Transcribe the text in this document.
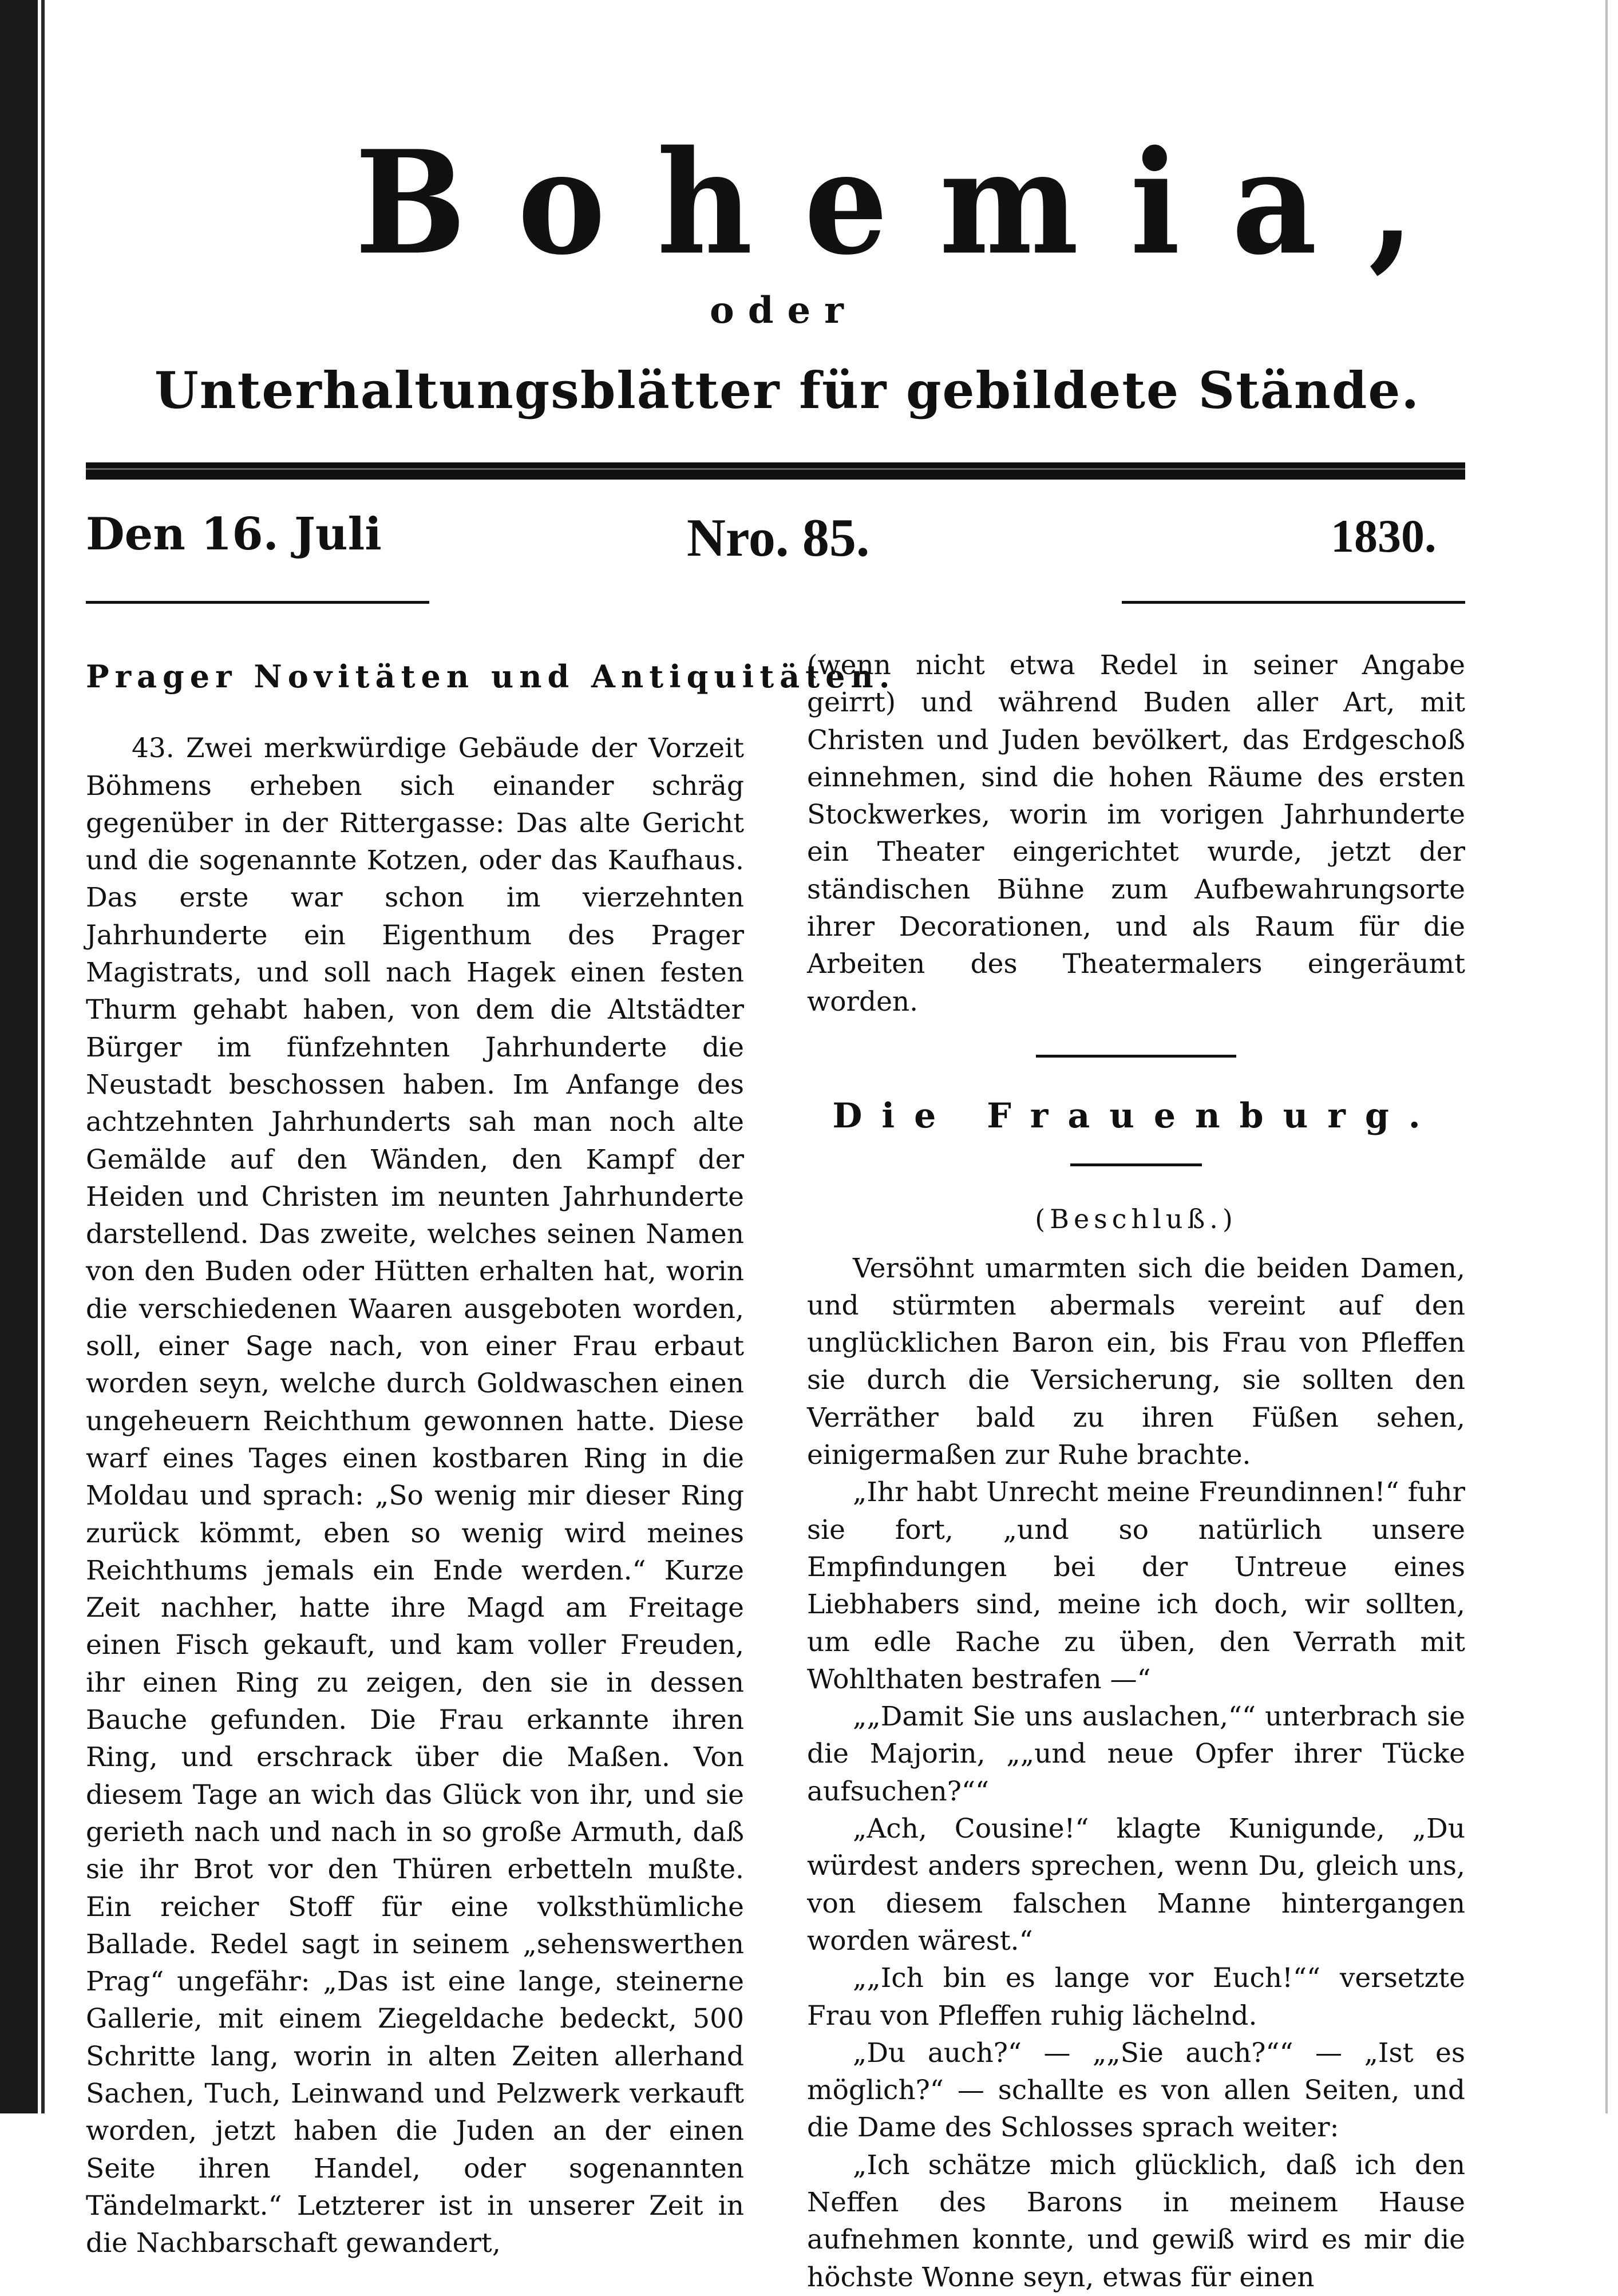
Bohemia,
oder
Unterhaltungsblätter für gebildete Stände.
Den 16. Juli	Nro. 85.	1830.
Prager Novitäten und Antiquitäten.

43. Zwei merkwürdige Gebäude der Vorzeit Böhmens erheben sich einander schräg gegenüber in der Rittergasse: Das alte Gericht und die sogenannte Kotzen, oder das Kaufhaus. Das erste war schon im vierzehnten Jahrhunderte ein Eigenthum des Prager Magistrats, und soll nach Hagek einen festen Thurm gehabt haben, von dem die Altstädter Bürger im fünfzehnten Jahrhunderte die Neustadt beschossen haben. Im Anfange des achtzehnten Jahrhunderts sah man noch alte Gemälde auf den Wänden, den Kampf der Heiden und Christen im neunten Jahrhunderte darstellend. Das zweite, welches seinen Namen von den Buden oder Hütten erhalten hat, worin die verschiedenen Waaren ausgeboten worden, soll, einer Sage nach, von einer Frau erbaut worden seyn, welche durch Goldwaschen einen ungeheuern Reichthum gewonnen hatte. Diese warf eines Tages einen kostbaren Ring in die Moldau und sprach: „So wenig mir dieser Ring zurück kömmt, eben so wenig wird meines Reichthums jemals ein Ende werden.“ Kurze Zeit nachher, hatte ihre Magd am Freitage einen Fisch gekauft, und kam voller Freuden, ihr einen Ring zu zeigen, den sie in dessen Bauche gefunden. Die Frau erkannte ihren Ring, und erschrack über die Maßen. Von diesem Tage an wich das Glück von ihr, und sie gerieth nach und nach in so große Armuth, daß sie ihr Brot vor den Thüren erbetteln mußte. Ein reicher Stoff für eine volksthümliche Ballade. Redel sagt in seinem „sehenswerthen Prag“ ungefähr: „Das ist eine lange, steinerne Gallerie, mit einem Ziegeldache bedeckt, 500 Schritte lang, worin in alten Zeiten allerhand Sachen, Tuch, Leinwand und Pelzwerk verkauft worden, jetzt haben die Juden an der einen Seite ihren Handel, oder sogenannten Tändelmarkt.“ Letzterer ist in unserer Zeit in die Nachbarschaft gewandert,

(wenn nicht etwa Redel in seiner Angabe geirrt) und während Buden aller Art, mit Christen und Juden bevölkert, das Erdgeschoß einnehmen, sind die hohen Räume des ersten Stockwerkes, worin im vorigen Jahrhunderte ein Theater eingerichtet wurde, jetzt der ständischen Bühne zum Aufbewahrungsorte ihrer Decorationen, und als Raum für die Arbeiten des Theatermalers eingeräumt worden.

Die Frauenburg.
(Beschluß.)

Versöhnt umarmten sich die beiden Damen, und stürmten abermals vereint auf den unglücklichen Baron ein, bis Frau von Pfleffen sie durch die Versicherung, sie sollten den Verräther bald zu ihren Füßen sehen, einigermaßen zur Ruhe brachte.

„Ihr habt Unrecht meine Freundinnen!“ fuhr sie fort, „und so natürlich unsere Empfindungen bei der Untreue eines Liebhabers sind, meine ich doch, wir sollten, um edle Rache zu üben, den Verrath mit Wohlthaten bestrafen —“

„„Damit Sie uns auslachen,““ unterbrach sie die Majorin, „„und neue Opfer ihrer Tücke aufsuchen?““

„Ach, Cousine!“ klagte Kunigunde, „Du würdest anders sprechen, wenn Du, gleich uns, von diesem falschen Manne hintergangen worden wärest.“

„„Ich bin es lange vor Euch!““ versetzte Frau von Pfleffen ruhig lächelnd.

„Du auch?“ — „„Sie auch?““ — „Ist es möglich?“ — schallte es von allen Seiten, und die Dame des Schlosses sprach weiter:

„Ich schätze mich glücklich, daß ich den Neffen des Barons in meinem Hause aufnehmen konnte, und gewiß wird es mir die höchste Wonne seyn, etwas für einen
